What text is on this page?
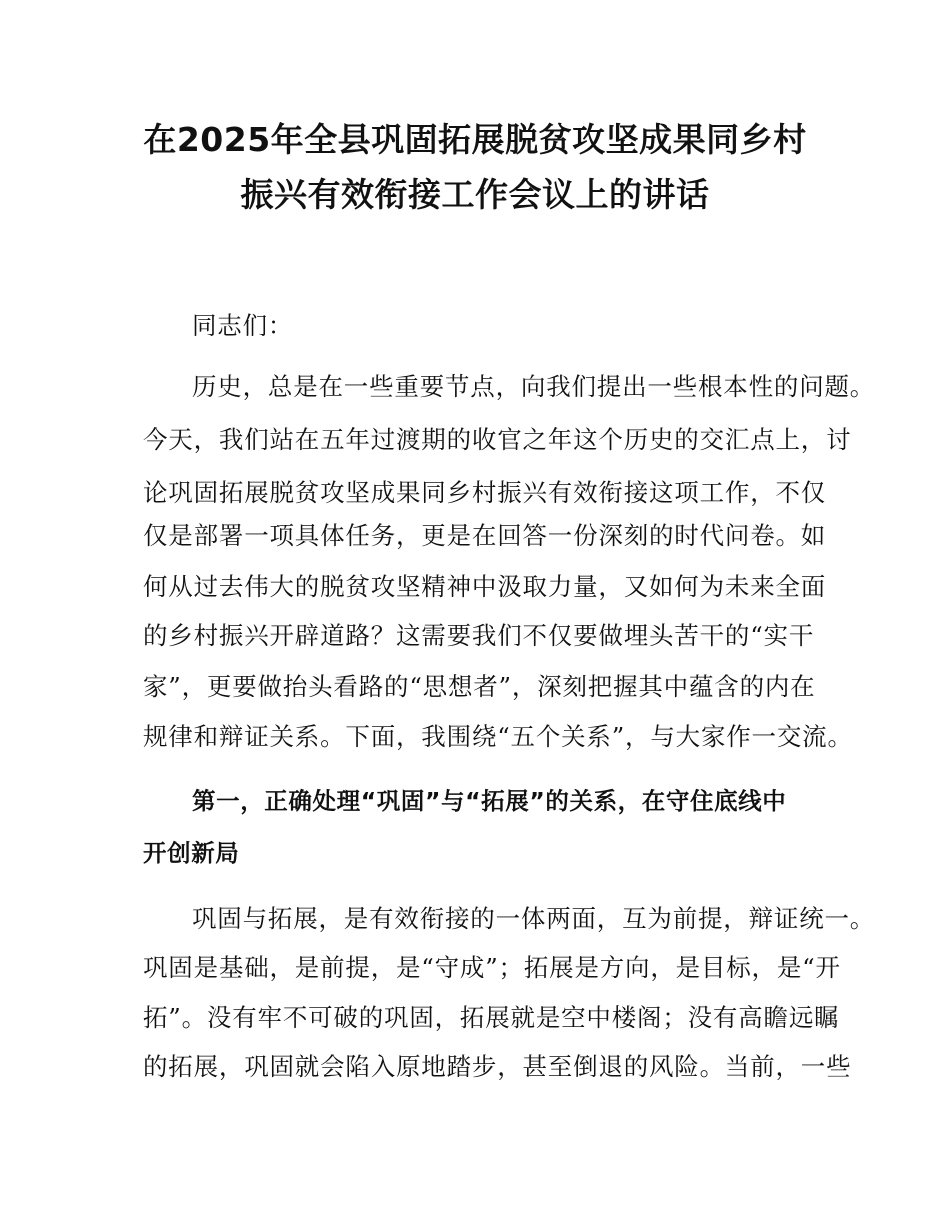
在2025年全县巩固拓展脱贫攻坚成果同乡村
振兴有效衔接工作会议上的讲话
同志们：
历史，总是在一些重要节点，向我们提出一些根本性的问题。
今天，我们站在五年过渡期的收官之年这个历史的交汇点上，讨
论巩固拓展脱贫攻坚成果同乡村振兴有效衔接这项工作，不仅
仅是部署一项具体任务，更是在回答一份深刻的时代问卷。如
何从过去伟大的脱贫攻坚精神中汲取力量，又如何为未来全面
的乡村振兴开辟道路？这需要我们不仅要做埋头苦干的“实干
家”，更要做抬头看路的“思想者”，深刻把握其中蕴含的内在
规律和辩证关系。下面，我围绕“五个关系”，与大家作一交流。
第一，正确处理“巩固”与“拓展”的关系，在守住底线中
开创新局
巩固与拓展，是有效衔接的一体两面，互为前提，辩证统一。
巩固是基础，是前提，是“守成”；拓展是方向，是目标，是“开
拓”。没有牢不可破的巩固，拓展就是空中楼阁；没有高瞻远瞩
的拓展，巩固就会陷入原地踏步，甚至倒退的风险。当前，一些
